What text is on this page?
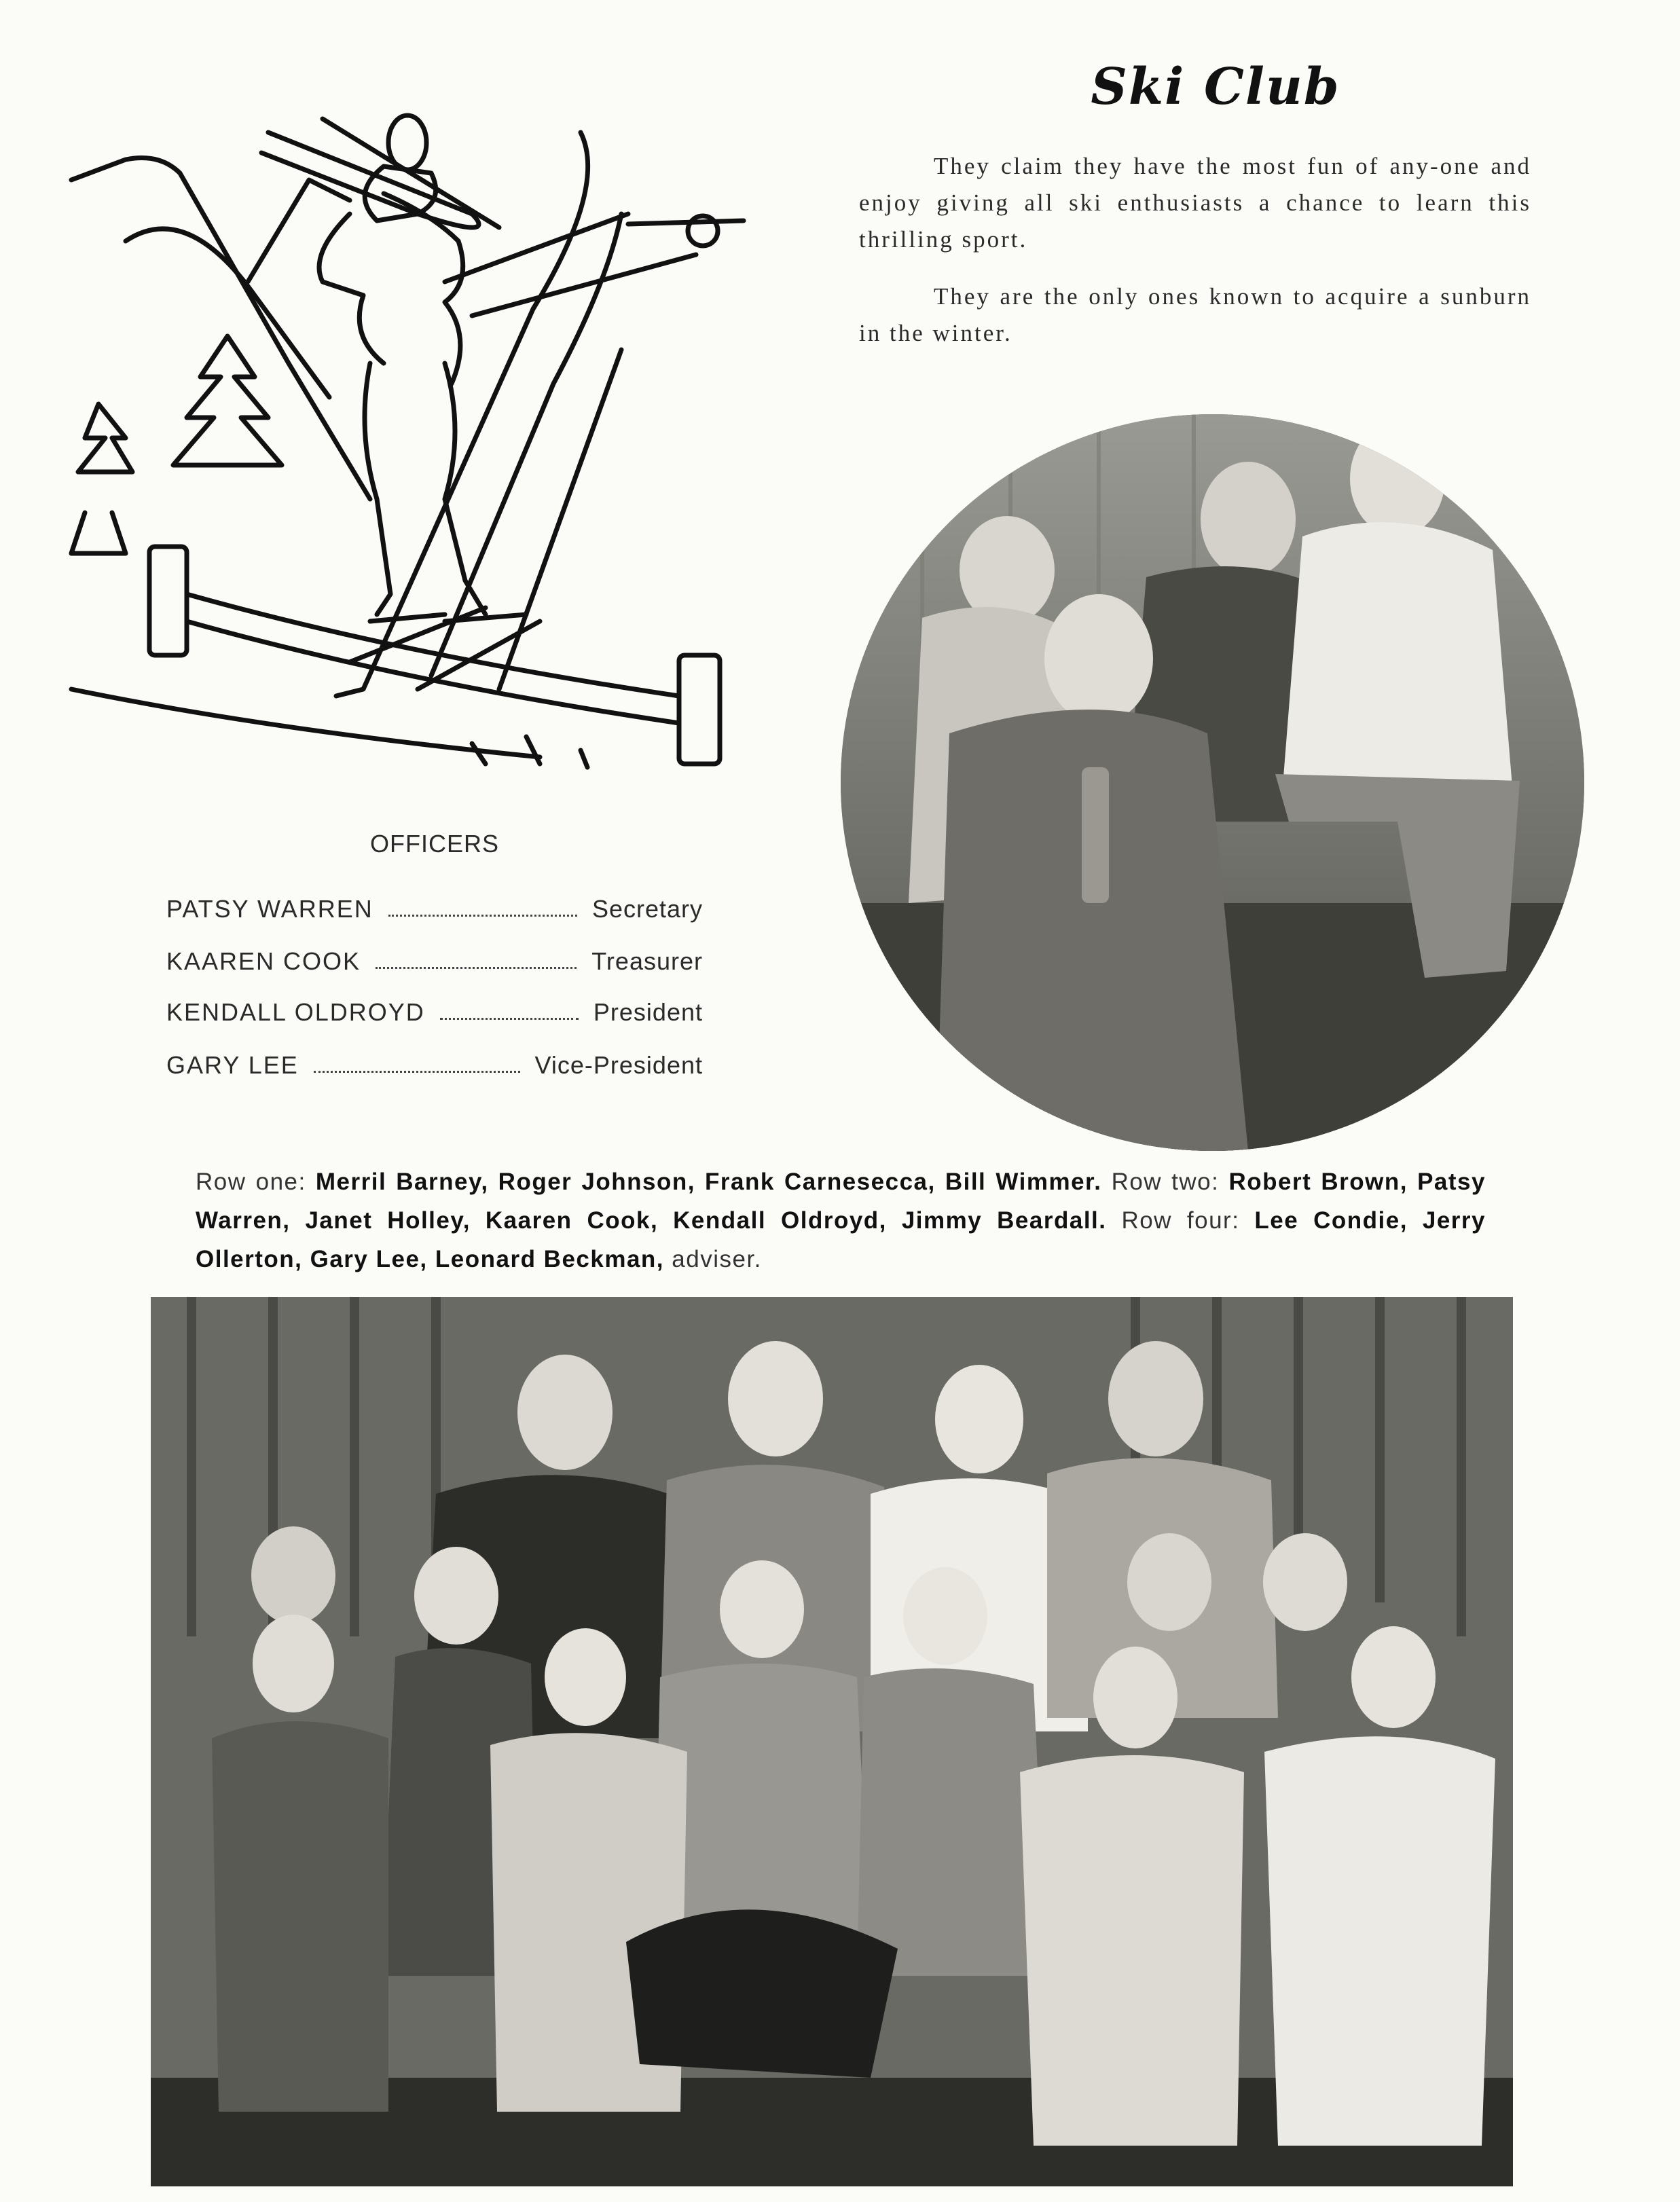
Ski Club
They claim they have the most fun of any-one and enjoy giving all ski enthusiasts a chance to learn this thrilling sport.
They are the only ones known to acquire a sunburn in the winter.
OFFICERS
PATSY WARREN	Secretary
KAAREN COOK	Treasurer
KENDALL OLDROYD	President
GARY LEE	Vice-President
Row one: Merril Barney, Roger Johnson, Frank Carnesecca, Bill Wimmer. Row two: Robert Brown, Patsy Warren, Janet Holley, Kaaren Cook, Kendall Oldroyd, Jimmy Beardall. Row four: Lee Condie, Jerry Ollerton, Gary Lee, Leonard Beckman, adviser.
